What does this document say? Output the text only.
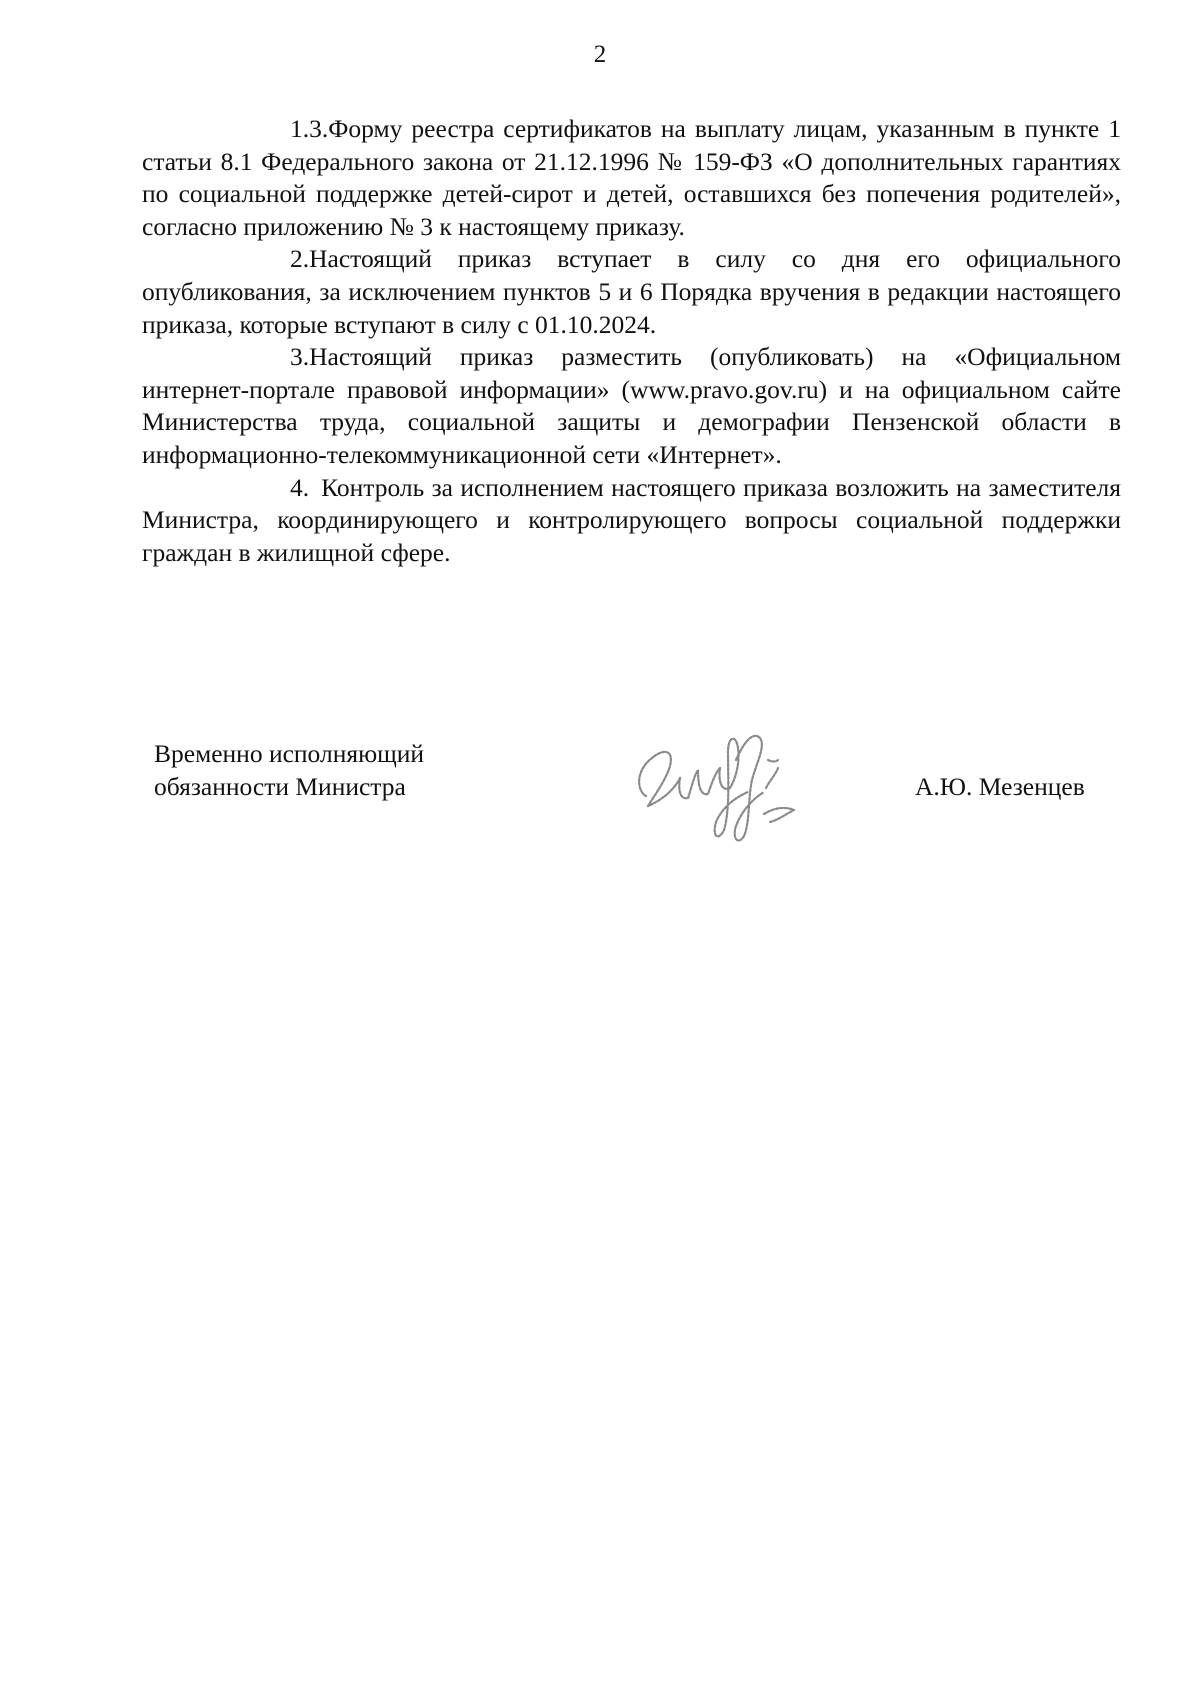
2

1.3.Форму реестра сертификатов на выплату лицам, указанным в пункте 1 статьи 8.1 Федерального закона от 21.12.1996 № 159-ФЗ «О дополнительных гарантиях по социальной поддержке детей-сирот и детей, оставшихся без попечения родителей», согласно приложению № 3 к настоящему приказу.

2.Настоящий приказ вступает в силу со дня его официального опубликования, за исключением пунктов 5 и 6 Порядка вручения в редакции настоящего приказа, которые вступают в силу с 01.10.2024.

3.Настоящий приказ разместить (опубликовать) на «Официальном интернет-портале правовой информации» (www.pravo.gov.ru) и на официальном сайте Министерства труда, социальной защиты и демографии Пензенской области в информационно-телекоммуникационной сети «Интернет».

4. Контроль за исполнением настоящего приказа возложить на заместителя Министра, координирующего и контролирующего вопросы социальной поддержки граждан в жилищной сфере.

Временно исполняющий
обязанности Министра	А.Ю. Мезенцев
